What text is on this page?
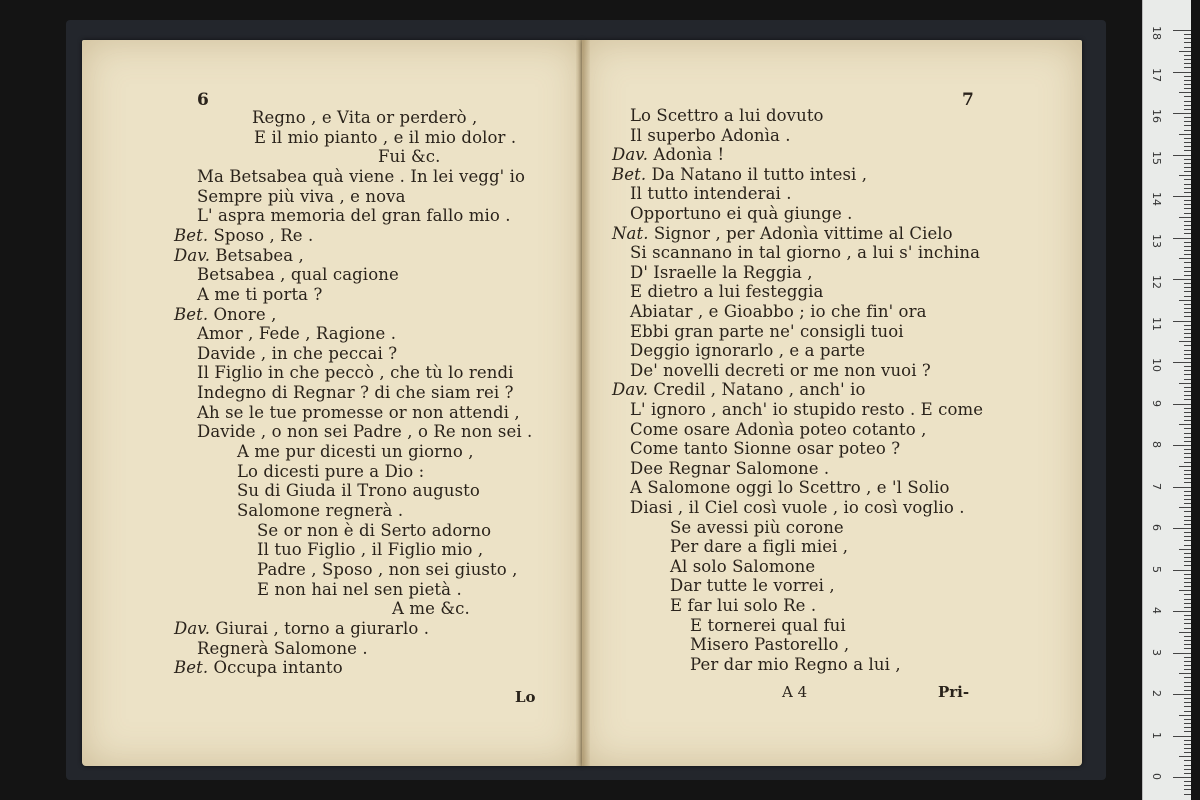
6
Regno , e Vita or perderò ,
E il mio pianto , e il mio dolor .
Fui &c.
Ma Betsabea quà viene . In lei vegg' io
Sempre più viva , e nova
L' aspra memoria del gran fallo mio .
Bet. Sposo , Re .
Dav. Betsabea ,
Betsabea , qual cagione
A me ti porta ?
Bet. Onore ,
Amor , Fede , Ragione .
Davide , in che peccai ?
Il Figlio in che peccò , che tù lo rendi
Indegno di Regnar ? di che siam rei ?
Ah se le tue promesse or non attendi ,
Davide , o non sei Padre , o Re non sei .
A me pur dicesti un giorno ,
Lo dicesti pure a Dio :
Su di Giuda il Trono augusto
Salomone regnerà .
Se or non è di Serto adorno
Il tuo Figlio , il Figlio mio ,
Padre , Sposo , non sei giusto ,
E non hai nel sen pietà .
A me &c.
Dav. Giurai , torno a giurarlo .
Regnerà Salomone .
Bet. Occupa intanto
Lo
7
Lo Scettro a lui dovuto
Il superbo Adonìa .
Dav. Adonìa !
Bet. Da Natano il tutto intesi ,
Il tutto intenderai .
Opportuno ei quà giunge .
Nat. Signor , per Adonìa vittime al Cielo
Si scannano in tal giorno , a lui s' inchina
D' Israelle la Reggia ,
E dietro a lui festeggia
Abiatar , e Gioabbo ; io che fin' ora
Ebbi gran parte ne' consigli tuoi
Deggio ignorarlo , e a parte
De' novelli decreti or me non vuoi ?
Dav. Credil , Natano , anch' io
L' ignoro , anch' io stupido resto . E come
Come osare Adonìa poteo cotanto ,
Come tanto Sionne osar poteo ?
Dee Regnar Salomone .
A Salomone oggi lo Scettro , e 'l Solio
Diasi , il Ciel così vuole , io così voglio .
Se avessi più corone
Per dare a figli miei ,
Al solo Salomone
Dar tutte le vorrei ,
E far lui solo Re .
E tornerei qual fui
Misero Pastorello ,
Per dar mio Regno a lui ,
A 4	Pri-
18
17
16
15
14
13
12
11
10
9
8
7
6
5
4
3
2
1
0
